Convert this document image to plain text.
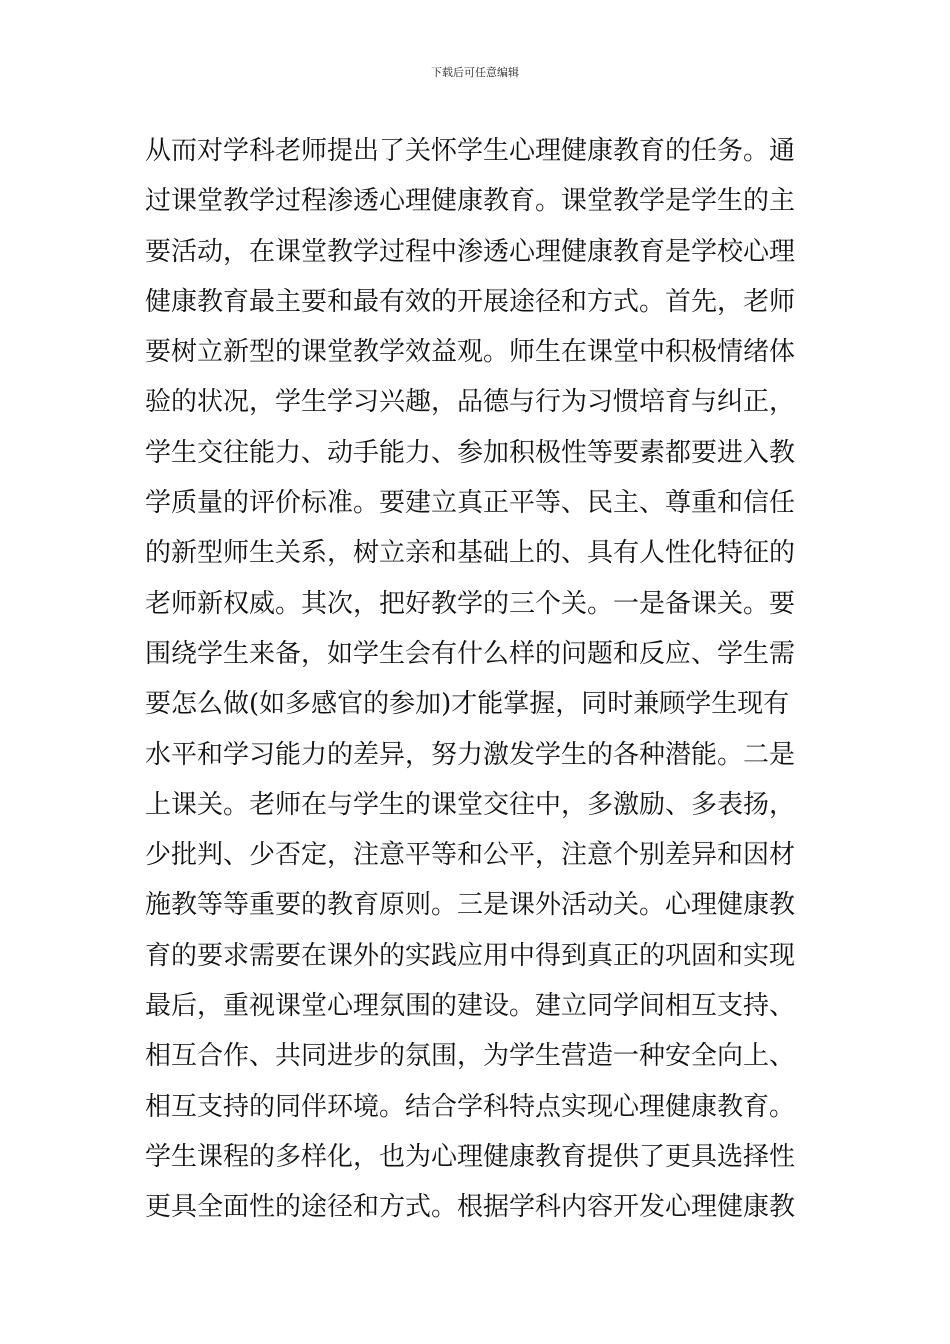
下载后可任意编辑
从而对学科老师提出了关怀学生心理健康教育的任务。通
过课堂教学过程渗透心理健康教育。课堂教学是学生的主
要活动，在课堂教学过程中渗透心理健康教育是学校心理
健康教育最主要和最有效的开展途径和方式。首先，老师
要树立新型的课堂教学效益观。师生在课堂中积极情绪体
验的状况，学生学习兴趣，品德与行为习惯培育与纠正，
学生交往能力、动手能力、参加积极性等要素都要进入教
学质量的评价标准。要建立真正平等、民主、尊重和信任
的新型师生关系，树立亲和基础上的、具有人性化特征的
老师新权威。其次，把好教学的三个关。一是备课关。要
围绕学生来备，如学生会有什么样的问题和反应、学生需
要怎么做(如多感官的参加)才能掌握，同时兼顾学生现有
水平和学习能力的差异，努力激发学生的各种潜能。二是
上课关。老师在与学生的课堂交往中，多激励、多表扬，
少批判、少否定，注意平等和公平，注意个别差异和因材
施教等等重要的教育原则。三是课外活动关。心理健康教
育的要求需要在课外的实践应用中得到真正的巩固和实现
最后，重视课堂心理氛围的建设。建立同学间相互支持、
相互合作、共同进步的氛围，为学生营造一种安全向上、
相互支持的同伴环境。结合学科特点实现心理健康教育。
学生课程的多样化，也为心理健康教育提供了更具选择性
更具全面性的途径和方式。根据学科内容开发心理健康教
